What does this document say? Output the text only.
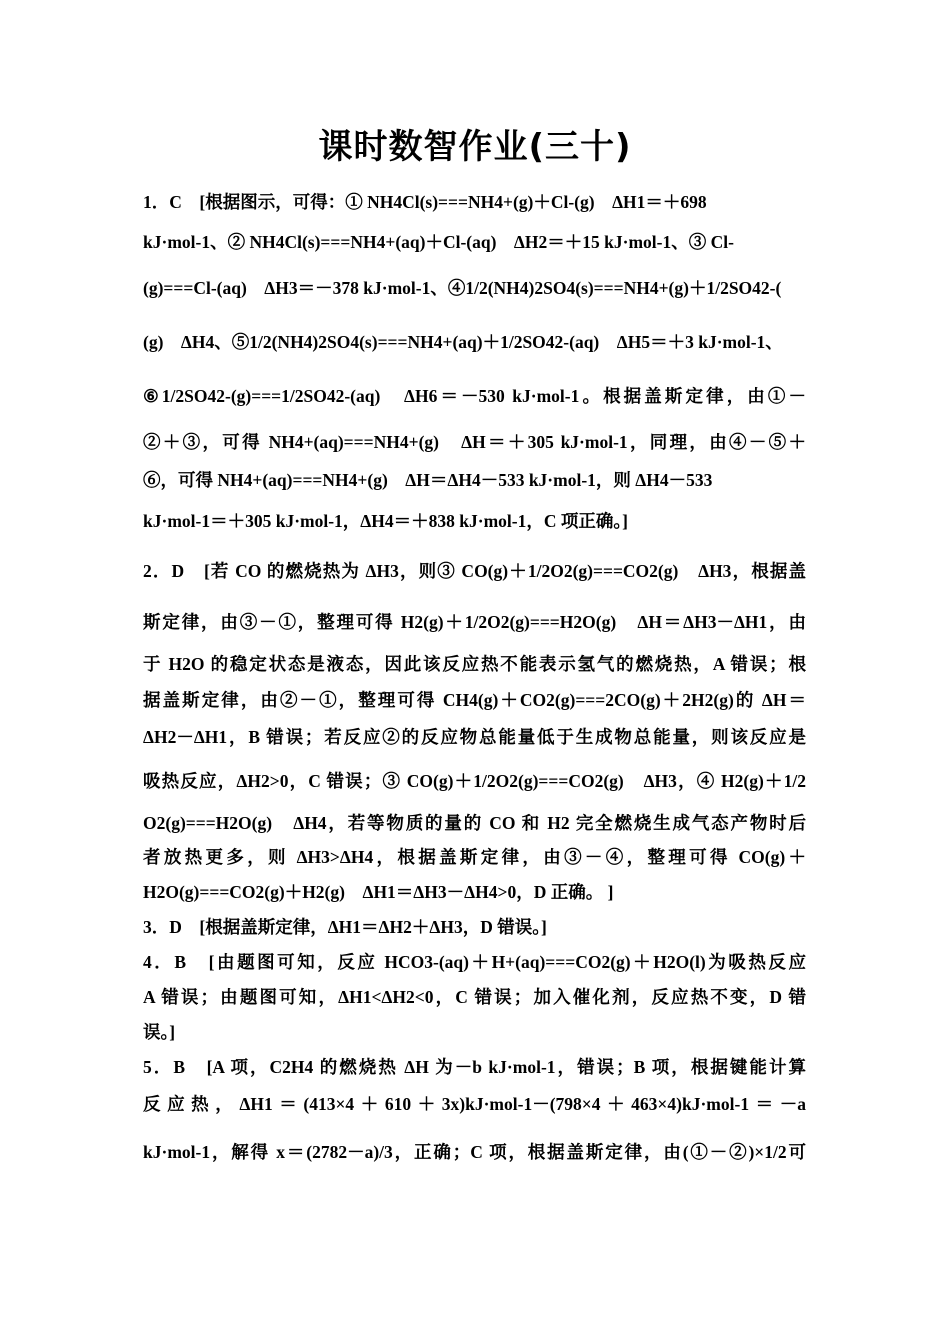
课时数智作业(三十)
1．C　[根据图示，可得：① NH4Cl(s)===NH4+(g)＋Cl-(g)　ΔH1＝＋698
kJ·mol-1、② NH4Cl(s)===NH4+(aq)＋Cl-(aq)　ΔH2＝＋15 kJ·mol-1、③ Cl-
(g)===Cl-(aq)　ΔH3＝－378 kJ·mol-1、④1/2(NH4)2SO4(s)===NH4+(g)＋1/2SO42-(
(g)　ΔH4、⑤1/2(NH4)2SO4(s)===NH4+(aq)＋1/2SO42-(aq)　ΔH5＝＋3 kJ·mol-1、
⑥1/2SO42-(g)===1/2SO42-(aq)　ΔH6＝－530 kJ·mol-1。根据盖斯定律，由①－
②＋③，可得 NH4+(aq)===NH4+(g)　ΔH＝＋305 kJ·mol-1，同理，由④－⑤＋
⑥，可得 NH4+(aq)===NH4+(g)　ΔH＝ΔH4－533 kJ·mol-1，则 ΔH4－533
kJ·mol-1＝＋305 kJ·mol-1，ΔH4＝＋838 kJ·mol-1，C 项正确。]
2．D　[若 CO 的燃烧热为 ΔH3，则③ CO(g)＋1/2O2(g)===CO2(g)　ΔH3，根据盖
斯定律，由③－①，整理可得 H2(g)＋1/2O2(g)===H2O(g)　ΔH＝ΔH3－ΔH1，由
于 H2O 的稳定状态是液态，因此该反应热不能表示氢气的燃烧热，A 错误；根
据盖斯定律，由②－①，整理可得 CH4(g)＋CO2(g)===2CO(g)＋2H2(g)的 ΔH＝
ΔH2－ΔH1，B 错误；若反应②的反应物总能量低于生成物总能量，则该反应是
吸热反应，ΔH2>0，C 错误；③ CO(g)＋1/2O2(g)===CO2(g)　ΔH3，④ H2(g)＋1/2
O2(g)===H2O(g)　ΔH4，若等物质的量的 CO 和 H2 完全燃烧生成气态产物时后
者放热更多，则 ΔH3>ΔH4，根据盖斯定律，由③－④，整理可得 CO(g)＋
H2O(g)===CO2(g)＋H2(g)　ΔH1＝ΔH3－ΔH4>0，D 正确。 ]
3．D　[根据盖斯定律，ΔH1＝ΔH2＋ΔH3，D 错误。]
4．B　[由题图可知，反应 HCO3-(aq)＋H+(aq)===CO2(g)＋H2O(l)为吸热反应
A 错误；由题图可知，ΔH1<ΔH2<0，C 错误；加入催化剂，反应热不变，D 错
误。]
5．B　[A 项，C2H4 的燃烧热 ΔH 为－b kJ·mol-1，错误；B 项，根据键能计算
反应热，ΔH1＝(413×4＋610＋3x)kJ·mol-1－(798×4＋463×4)kJ·mol-1＝－a
kJ·mol-1，解得 x＝(2782－a)/3，正确；C 项，根据盖斯定律，由(①－②)×1/2可
